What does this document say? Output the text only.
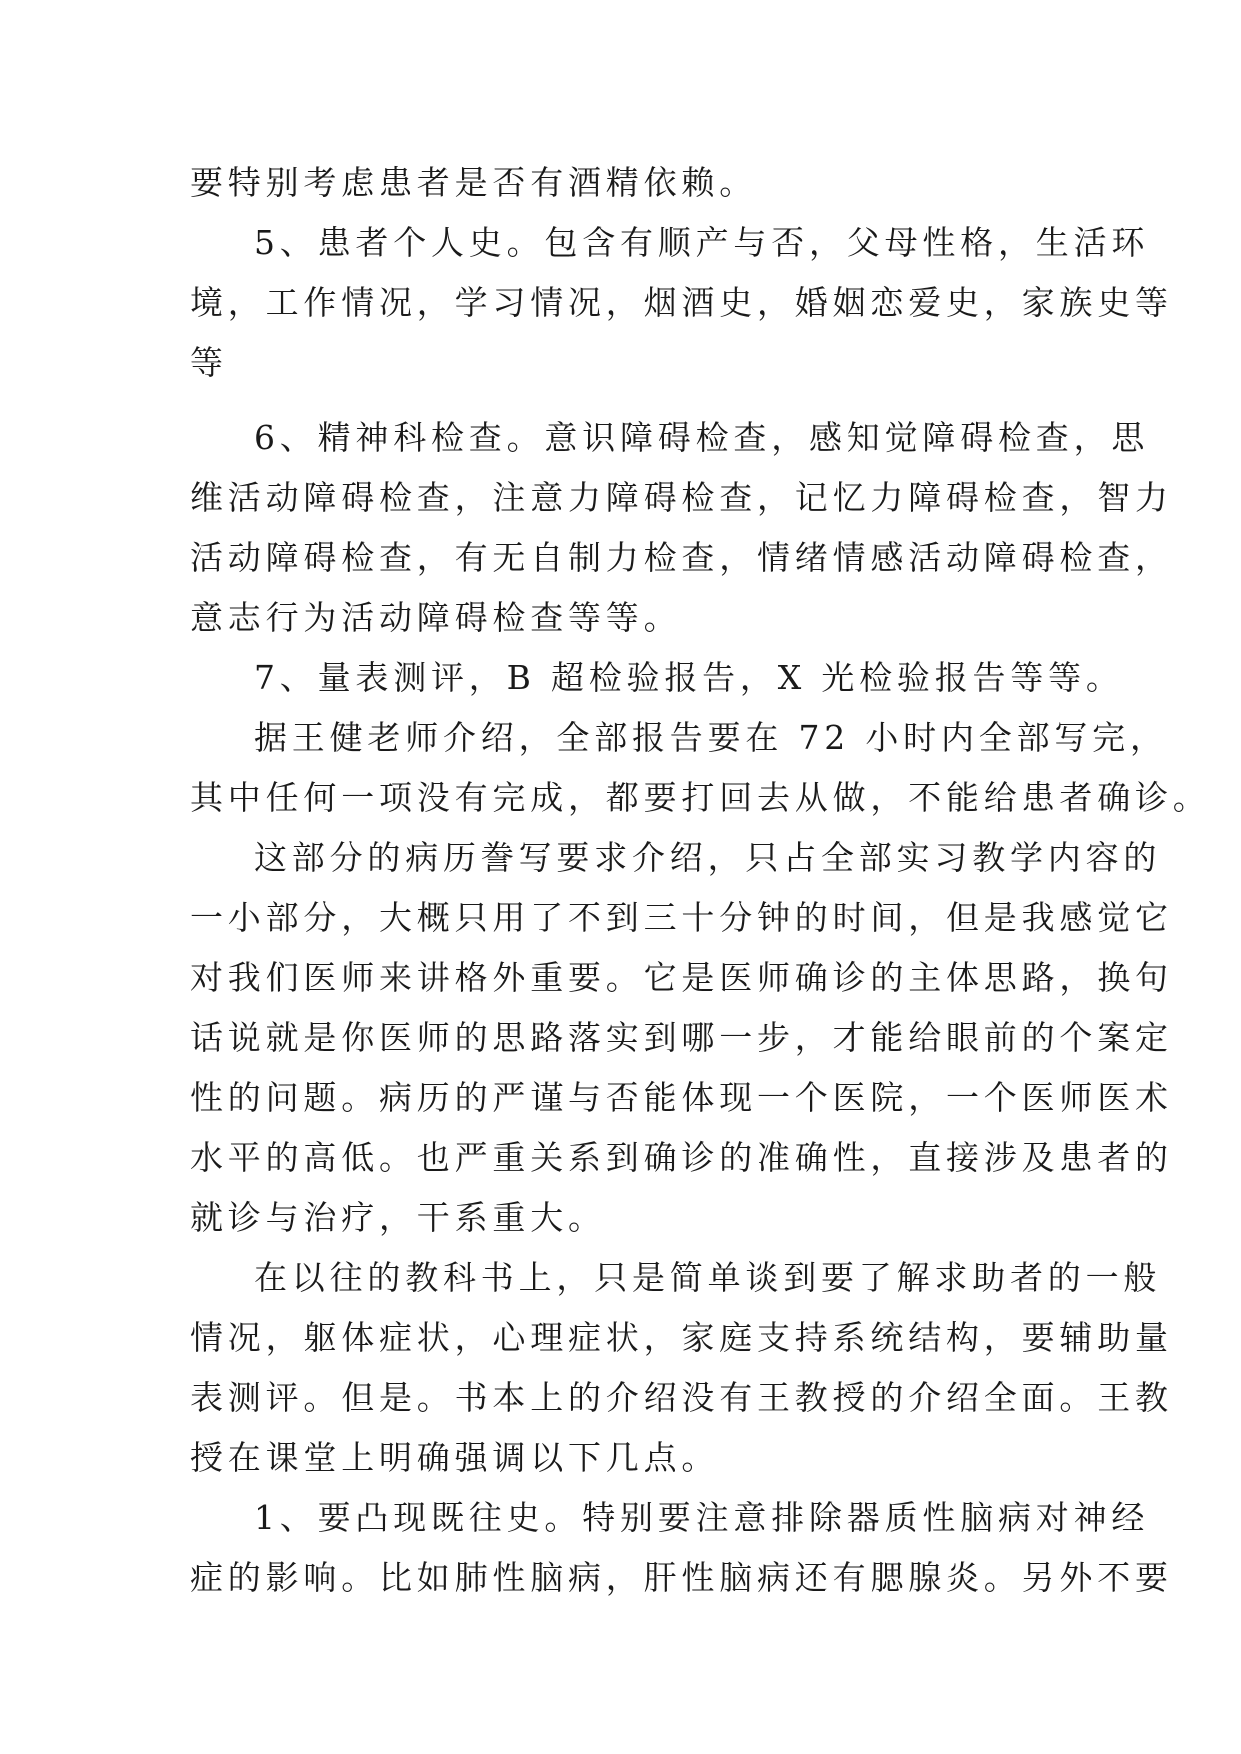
要特别考虑患者是否有酒精依赖。
5、患者个人史。包含有顺产与否，父母性格，生活环
境，工作情况，学习情况，烟酒史，婚姻恋爱史，家族史等
等
6、精神科检查。意识障碍检查，感知觉障碍检查，思
维活动障碍检查，注意力障碍检查，记忆力障碍检查，智力
活动障碍检查，有无自制力检查，情绪情感活动障碍检查，
意志行为活动障碍检查等等。
7、量表测评，B 超检验报告，X 光检验报告等等。
据王健老师介绍，全部报告要在 72 小时内全部写完，
其中任何一项没有完成，都要打回去从做，不能给患者确诊。
这部分的病历誊写要求介绍，只占全部实习教学内容的
一小部分，大概只用了不到三十分钟的时间，但是我感觉它
对我们医师来讲格外重要。它是医师确诊的主体思路，换句
话说就是你医师的思路落实到哪一步，才能给眼前的个案定
性的问题。病历的严谨与否能体现一个医院，一个医师医术
水平的高低。也严重关系到确诊的准确性，直接涉及患者的
就诊与治疗，干系重大。
在以往的教科书上，只是简单谈到要了解求助者的一般
情况，躯体症状，心理症状，家庭支持系统结构，要辅助量
表测评。但是。书本上的介绍没有王教授的介绍全面。王教
授在课堂上明确强调以下几点。
1、要凸现既往史。特别要注意排除器质性脑病对神经
症的影响。比如肺性脑病，肝性脑病还有腮腺炎。另外不要
